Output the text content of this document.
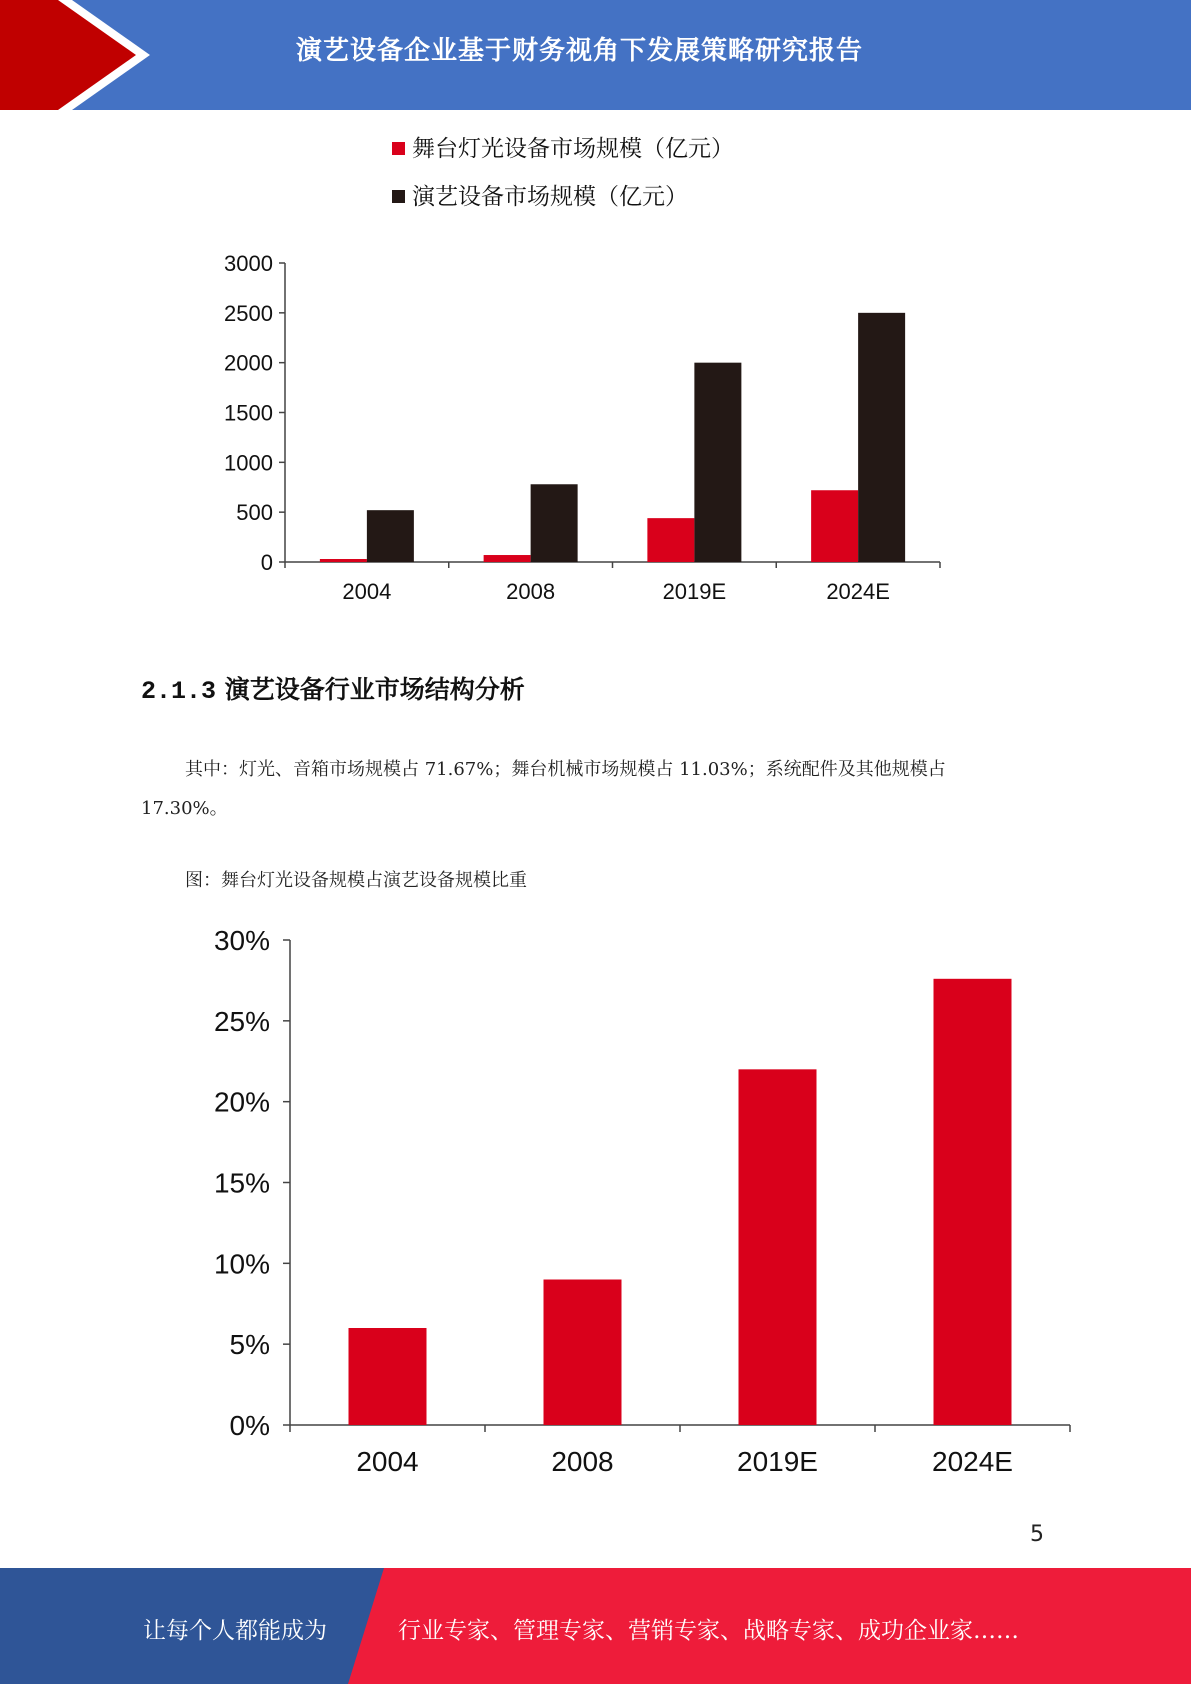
演艺设备企业基于财务视角下发展策略研究报告
舞台灯光设备市场规模（亿元）
演艺设备市场规模（亿元）
0
500
1000
1500
2000
2500
3000
2004	2008	2019E	2024E
2.1.3 演艺设备行业市场结构分析
其中：灯光、音箱市场规模占 71.67%；舞台机械市场规模占 11.03%；系统配件及其他规模占
17.30%。
图：舞台灯光设备规模占演艺设备规模比重
0%
5%
10%
15%
20%
25%
30%
2004	2008	2019E	2024E
5
让每个人都能成为	行业专家、管理专家、营销专家、战略专家、成功企业家……
